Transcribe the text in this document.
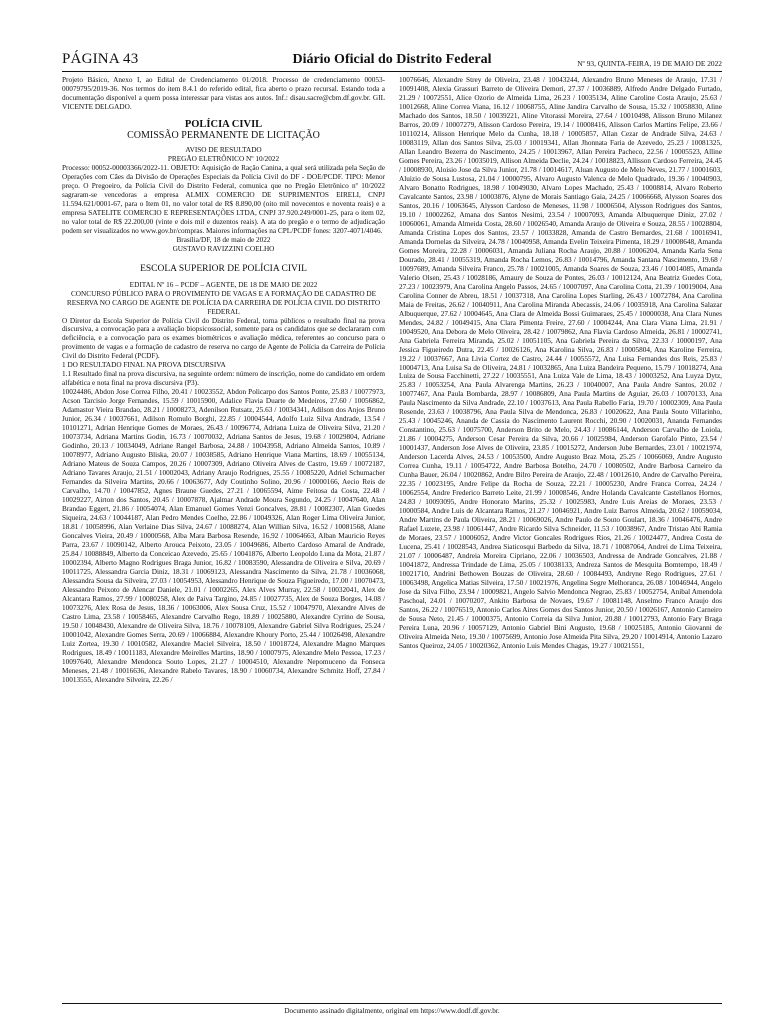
PÁGINA 43	Diário Oficial do Distrito Federal	Nº 93, QUINTA-FEIRA, 19 DE MAIO DE 2022

Projeto Básico, Anexo I, ao Edital de Credenciamento 01/2018. Processo de credenciamento 00053-00079795/2019-36. Nos termos do item 8.4.1 do referido edital, fica aberto o prazo recursal. Estando toda a documentação disponível a quem possa interessar para vistas aos autos. Inf.: disau.sacre@cbm.df.gov.br. GIL VICENTE DELGADO.

POLÍCIA CIVIL
COMISSÃO PERMANENTE DE LICITAÇÃO

AVISO DE RESULTADO

PREGÃO ELETRÔNICO Nº 10/2022

Processo: 00052-00003366/2022-11. OBJETO: Aquisição de Ração Canina, a qual será utilizada pela Seção de Operações com Cães da Divisão de Operações Especiais da Polícia Civil do DF - DOE/PCDF. TIPO: Menor preço. O Pregoeiro, da Polícia Civil do Distrito Federal, comunica que no Pregão Eletrônico nº 10/2022 sagraram-se vencedoras a empresa ALMIX COMERCIO DE SUPRIMENTOS EIRELI, CNPJ 11.594.621/0001-67, para o Item 01, no valor total de R$ 8.890,00 (oito mil novecentos e noventa reais) e a empresa SATELITE COMERCIO E REPRESENTAÇÕES LTDA, CNPJ 37.920.249/0001-25, para o item 02, no valor total de R$ 22.200,00 (vinte e dois mil e duzentos reais). A ata do pregão e o termo de adjudicação podem ser visualizados no www.gov.br/compras. Maiores informações na CPL/PCDF fones: 3207-4071/4046.

Brasília/DF, 18 de maio de 2022

GUSTAVO RAVIZZINI COELHO

ESCOLA SUPERIOR DE POLÍCIA CIVIL

EDITAL Nº 16 – PCDF – AGENTE, DE 18 DE MAIO DE 2022

CONCURSO PÚBLICO PARA O PROVIMENTO DE VAGAS E A FORMAÇÃO DE CADASTRO DE RESERVA NO CARGO DE AGENTE DE POLÍCIA DA CARREIRA DE POLÍCIA CIVIL DO DISTRITO FEDERAL

O Diretor da Escola Superior de Polícia Civil do Distrito Federal, torna públicos o resultado final na prova discursiva, a convocação para a avaliação biopsicossocial, somente para os candidatos que se declararam com deficiência, e a convocação para os exames biométricos e avaliação médica, referentes ao concurso para o provimento de vagas e a formação de cadastro de reserva no cargo de Agente de Polícia da Carreira de Polícia Civil do Distrito Federal (PCDF).

1 DO RESULTADO FINAL NA PROVA DISCURSIVA

1.1 Resultado final na prova discursiva, na seguinte ordem: número de inscrição, nome do candidato em ordem alfabética e nota final na prova discursiva (P3).

10024486, Abdon Jose Correa Filho, 20.41 / 10023552, Abdon Policarpo dos Santos Ponte, 25.83 / 10077973, Acson Tarcisio Jorge Fernandes, 15.59 / 10015900, Adalice Flavia Duarte de Medeiros, 27.60 / 10056862, Adamastor Vieira Brandao, 28.21 / 10008273, Adenilson Rutsatz, 25.63 / 10034341, Adilson dos Anjos Bruno Junior, 26.34 / 10037661, Adilson Romulo Borghi, 22.85 / 10004544, Adolfo Luiz Silva Andrade, 13.54 / 10101271, Adrian Henrique Gomes de Moraes, 26.43 / 10096774, Adriana Luiza de Oliveira Silva, 21.20 / 10073734, Adriana Martins Godin, 16.73 / 10070032, Adriana Santos de Jesus, 19.68 / 10029804, Adriane Godinho, 20.13 / 10034049, Adriane Rangel Barbosa, 24.88 / 10043958, Adriano Almeida Santos, 10.89 / 10078977, Adriano Augusto Bliska, 20.07 / 10038585, Adriano Henrique Viana Martins, 18.69 / 10055134, Adriano Mateus de Souza Campos, 20.26 / 10007309, Adriano Oliveira Alves de Castro, 19.69 / 10072187, Adriano Tavares Araujo, 21.51 / 10002043, Adriany Araujo Rodrigues, 25.55 / 10085220, Adriel Schumacher Fernandes da Silveira Martins, 20.66 / 10063677, Ady Coutinho Solino, 20.96 / 10000166, Aecio Reis de Carvalho, 14.70 / 10047852, Agnes Braune Guedes, 27.21 / 10065594, Aime Feitosa da Costa, 22.48 / 10029227, Airton dos Santos, 20.45 / 10007878, Ajalmar Andrade Moura Segundo, 24.25 / 10047640, Alan Brandao Eggert, 21.86 / 10054074, Alan Emanuel Gomes Venzi Goncalves, 28.81 / 10082307, Alan Guedes Siqueira, 24.63 / 10044187, Alan Pedro Mendes Coelho, 22.86 / 10049326, Alan Roger Lima Oliveira Junior, 18.81 / 10058996, Alan Verlaine Dias Silva, 24.67 / 10088274, Alan Willian Silva, 16.52 / 10081568, Alane Goncalves Vieira, 20.49 / 10000568, Alba Mara Barbosa Resende, 16.92 / 10064663, Alban Mauricio Reyes Parra, 23.67 / 10090142, Alberto Arouca Peixoto, 23.05 / 10049686, Alberto Cardoso Amaral de Andrade, 25.84 / 10088849, Alberto da Conceicao Azevedo, 25.65 / 10041876, Alberto Leopoldo Luna da Mota, 21.87 / 10002394, Alberto Magno Rodrigues Braga Junior, 16.82 / 10083590, Alessandra de Oliveira e Silva, 20.69 / 10011725, Alessandra Garcia Diniz, 18.31 / 10069123, Alessandra Nascimento da Silva, 21.78 / 10036068, Alessandra Sousa da Silveira, 27.03 / 10054953, Alessandro Henrique de Souza Figueiredo, 17.00 / 10070473, Alessandro Peixoto de Alencar Daniele, 21.01 / 10002265, Alex Alves Murray, 22.58 / 10032041, Alex de Alcantara Ramos, 27.99 / 10080258, Alex de Paiva Targino, 24.85 / 10027735, Alex de Souza Borges, 14.08 / 10073276, Alex Rosa de Jesus, 18.36 / 10063006, Alex Sousa Cruz, 15.52 / 10047970, Alexandre Alves de Castro Lima, 23.58 / 10058465, Alexandre Carvalho Rego, 18.89 / 10025880, Alexandre Cyrino de Sousa, 19.50 / 10048430, Alexandre de Oliveira Silva, 18.76 / 10078109, Alexandre Gabriel Silva Rodrigues, 25.24 / 10001042, Alexandre Gomes Serra, 20.69 / 10066884, Alexandre Khoury Porto, 25.44 / 10026498, Alexandre Luiz Zortea, 19.30 / 10010582, Alexandre Maciel Silveira, 18.50 / 10018724, Alexandre Magno Marques Rodrigues, 18.49 / 10011183, Alexandre Meirelles Martins, 18.90 / 10007975, Alexandre Melo Pessoa, 17.23 / 10097640, Alexandre Mendonca Souto Lopes, 21.27 / 10004510, Alexandre Nepomuceno da Fonseca Meneses, 21.48 / 10016636, Alexandre Rabelo Tavares, 18.90 / 10060734, Alexandre Schmitz Hoff, 27.84 / 10013555, Alexandre Silveira, 22.26 /

10076646, Alexandre Strey de Oliveira, 23.48 / 10043244, Alexandro Bruno Meneses de Araujo, 17.31 / 10091408, Alexia Grassuri Barreto de Oliveira Demori, 27.37 / 10036889, Alfredo Andre Delgado Furtado, 21.29 / 10072551, Alice Ozorio de Almeida Lima, 26.23 / 10035134, Aline Caroline Costa Araujo, 25.63 / 10012668, Aline Correa Viana, 16.12 / 10068755, Aline Jandira Carvalho de Sousa, 15.32 / 10058830, Aline Machado dos Santos, 18.50 / 10039221, Aline Vitorassi Moreira, 27.64 / 10010498, Alisson Bruno Milanez Barros, 20.09 / 10007279, Alisson Cardoso Pereira, 19.14 / 10008416, Alisson Carlos Martins Felipe, 23.66 / 10110214, Alisson Henrique Melo da Cunha, 18.18 / 10005857, Allan Cezar de Andrade Silva, 24.63 / 10083119, Allan dos Santos Silva, 25.03 / 10019341, Allan Jhonnata Faria de Azevedo, 25.23 / 10081325, Allan Leandro Bezerra do Nascimento, 24.25 / 10013967, Allan Pereira Pacheco, 22.56 / 10005523, Alline Gomes Pereira, 23.26 / 10035019, Allison Almeida Declie, 24.24 / 10018823, Allisson Cardoso Ferreira, 24.45 / 10008930, Aloisio Jose da Silva Junior, 21.78 / 10014617, Aluan Augusto de Melo Neves, 21.77 / 10001603, Aluizio de Sousa Lustosa, 21.04 / 10000795, Alvaro Augusto Valenca de Melo Quadrado, 19.36 / 10040903, Alvaro Bonatto Rodrigues, 18.98 / 10049030, Alvaro Lopes Machado, 25.43 / 10008814, Alvaro Roberto Cavalcante Santos, 23.98 / 10003876, Alyne de Morais Santiago Gaia, 24.25 / 10066668, Alysson Soares dos Santos, 20.16 / 10063645, Alysson Cardoso de Meneses, 11.98 / 10006504, Alysson Rodrigues dos Santos, 19.10 / 10002262, Amana dos Santos Nesimi, 23.54 / 10007093, Amanda Albuquerque Diniz, 27.02 / 10060061, Amanda Almeida Costa, 28.60 / 10026540, Amanda Araujo de Oliveira e Souza, 28.55 / 10028804, Amanda Cristina Lopes dos Santos, 23.57 / 10033828, Amanda de Castro Bernardes, 21.68 / 10016941, Amanda Dornelas da Silveira, 24.78 / 10040958, Amanda Evelin Teixeira Pimenta, 18.29 / 10008648, Amanda Gomes Moreira, 22.28 / 10006031, Amanda Juliana Rocha Araujo, 20.88 / 10006204, Amanda Karla Sena Dourado, 28.41 / 10055319, Amanda Rocha Lemos, 26.83 / 10014796, Amanda Santana Nascimento, 19.68 / 10097689, Amanda Silveira Franco, 25.78 / 10021005, Amanda Soares de Souza, 23.46 / 10014085, Amanda Valerio Olsen, 25.43 / 10028186, Amaury de Souza de Pontes, 26.03 / 10012124, Ana Beatriz Guedes Cota, 27.23 / 10023979, Ana Carolina Angelo Passos, 24.65 / 10007097, Ana Carolina Cotta, 21.39 / 10019004, Ana Carolina Conner de Abreu, 18.51 / 10037318, Ana Carolina Lopes Starling, 26.43 / 10072784, Ana Carolina Maia de Freitas, 26.62 / 10040911, Ana Carolina Miranda Abecassis, 24.06 / 10035918, Ana Carolina Salazar Albuquerque, 27.62 / 10004645, Ana Clara de Almeida Bossi Guimaraes, 25.45 / 10000038, Ana Clara Nunes Mendes, 24.82 / 10049415, Ana Clara Pimenta Freire, 27.60 / 10004244, Ana Clara Viana Lima, 21.91 / 10049520, Ana Debora de Melo Oliveira, 28.42 / 10079862, Ana Flavia Cardoso Almeida, 26.81 / 10002741, Ana Gabriela Ferreira Miranda, 25.02 / 10051105, Ana Gabriela Pereira da Silva, 22.33 / 10000197, Ana Jessica Figueiredo Dutra, 22.45 / 10026126, Ana Karolina Silva, 26.83 / 10005804, Ana Karoline Ferreira, 19.22 / 10037667, Ana Livia Cortez de Castro, 24.44 / 10055572, Ana Luisa Fernandes dos Reis, 25.83 / 10004713, Ana Luisa Sa de Oliveira, 24.81 / 10032865, Ana Luiza Bandeira Pequeno, 15.79 / 10018274, Ana Luiza de Sousa Facchinetti, 27.22 / 10035551, Ana Luiza Vale de Lima, 18.43 / 10003252, Ana Luyza Dytz, 25.83 / 10053254, Ana Paula Alvarenga Martins, 26.23 / 10040007, Ana Paula Andre Santos, 20.02 / 10077467, Ana Paula Bombarda, 28.97 / 10086809, Ana Paula Martins de Aguiar, 26.03 / 10070133, Ana Paula Nascimento da Silva Andrade, 22.10 / 10037613, Ana Paula Rabello Faria, 19.70 / 10002309, Ana Paula Resende, 23.63 / 10038796, Ana Paula Silva de Mendonca, 26.83 / 10020622, Ana Paula Souto Villarinho, 25.43 / 10045246, Ananda de Cassia do Nascimento Laurent Rocchi, 20.90 / 10020031, Ananda Fernandes Constantino, 25.63 / 10075700, Anderson Brito de Melo, 24.43 / 10086144, Anderson Carvalho de Loiola, 21.86 / 10004275, Anderson Cesar Pereira da Silva, 20.66 / 10025984, Anderson Garofalo Pinto, 23.54 / 10001437, Anderson Jose Alves de Oliveira, 23.85 / 10015272, Anderson Jube Bernardes, 23.01 / 10021974, Anderson Lacerda Alves, 24.53 / 10053500, Andre Augusto Braz Mota, 25.25 / 10066069, Andre Augusto Correa Cunha, 19.11 / 10054722, Andre Barbosa Botelho, 24.70 / 10080502, Andre Barbosa Carneiro da Cunha Bauer, 26.04 / 10020862, Andre Bilro Pereira de Araujo, 22.48 / 10012610, Andre de Carvalho Pereira, 22.35 / 10023195, Andre Felipe da Rocha de Souza, 22.21 / 10005230, Andre Franca Correa, 24.24 / 10062554, Andre Frederico Barreto Leite, 21.99 / 10008546, Andre Holanda Cavalcante Castellanos Hornos, 24.83 / 10093095, Andre Honorato Marins, 25.32 / 10025983, Andre Luis Areias de Moraes, 23.53 / 10000584, Andre Luis de Alcantara Ramos, 21.27 / 10046921, Andre Luiz Barros Almeida, 20.62 / 10059034, Andre Martins de Paula Oliveira, 28.21 / 10069026, Andre Paulo de Souto Goulart, 18.36 / 10046476, Andre Rafael Luzete, 23.98 / 10061447, Andre Ricardo Silva Schneider, 11.53 / 10038967, Andre Tristao Abi Ramia de Moraes, 23.57 / 10006052, Andre Victor Goncales Rodrigues Rios, 21.26 / 10024477, Andrea Costa de Lucena, 25.41 / 10028543, Andrea Siaticosqui Barbedo da Silva, 18.71 / 10087064, Andrei de Lima Teixeira, 21.07 / 10006487, Andreia Moreira Cipriano, 22.06 / 10036503, Andressa de Andrade Goncalves, 21.88 / 10041872, Andressa Trindade de Lima, 25.05 / 10038133, Andreza Santos de Mesquita Bomtempo, 18.49 / 10021710, Andrini Bethowen Bouzas de Oliveira, 28.60 / 10084493, Andryne Rego Rodrigues, 27.61 / 10063498, Angelica Matias Silveira, 17.50 / 10021976, Angelina Segre Melhoranca, 26.08 / 10046944, Angelo Jose da Silva Filho, 23.94 / 10009821, Angelo Salvio Mendonca Negrao, 25.83 / 10052754, Anibal Amendola Paschoal, 24.01 / 10070207, Ankito Barbosa de Novaes, 19.67 / 10081148, Anselmo Franco Araujo dos Santos, 26.22 / 10076519, Antonio Carlos Aires Gomes dos Santos Junior, 20.50 / 10026167, Antonio Carneiro de Sousa Neto, 21.45 / 10000375, Antonio Correia da Silva Junior, 20.88 / 10012793, Antonio Fary Braga Pereira Luna, 20.96 / 10057129, Antonio Gabriel Bini Augusto, 19.68 / 10025185, Antonio Giovanni de Oliveira Almeida Neto, 19.30 / 10075699, Antonio Jose Almeida Pita Silva, 29.20 / 10014914, Antonio Lazaro Santos Queiroz, 24.05 / 10020362, Antonio Luis Mendes Chagas, 19.27 / 10021551,

Documento assinado digitalmente, original em https://www.dodf.df.gov.br.
